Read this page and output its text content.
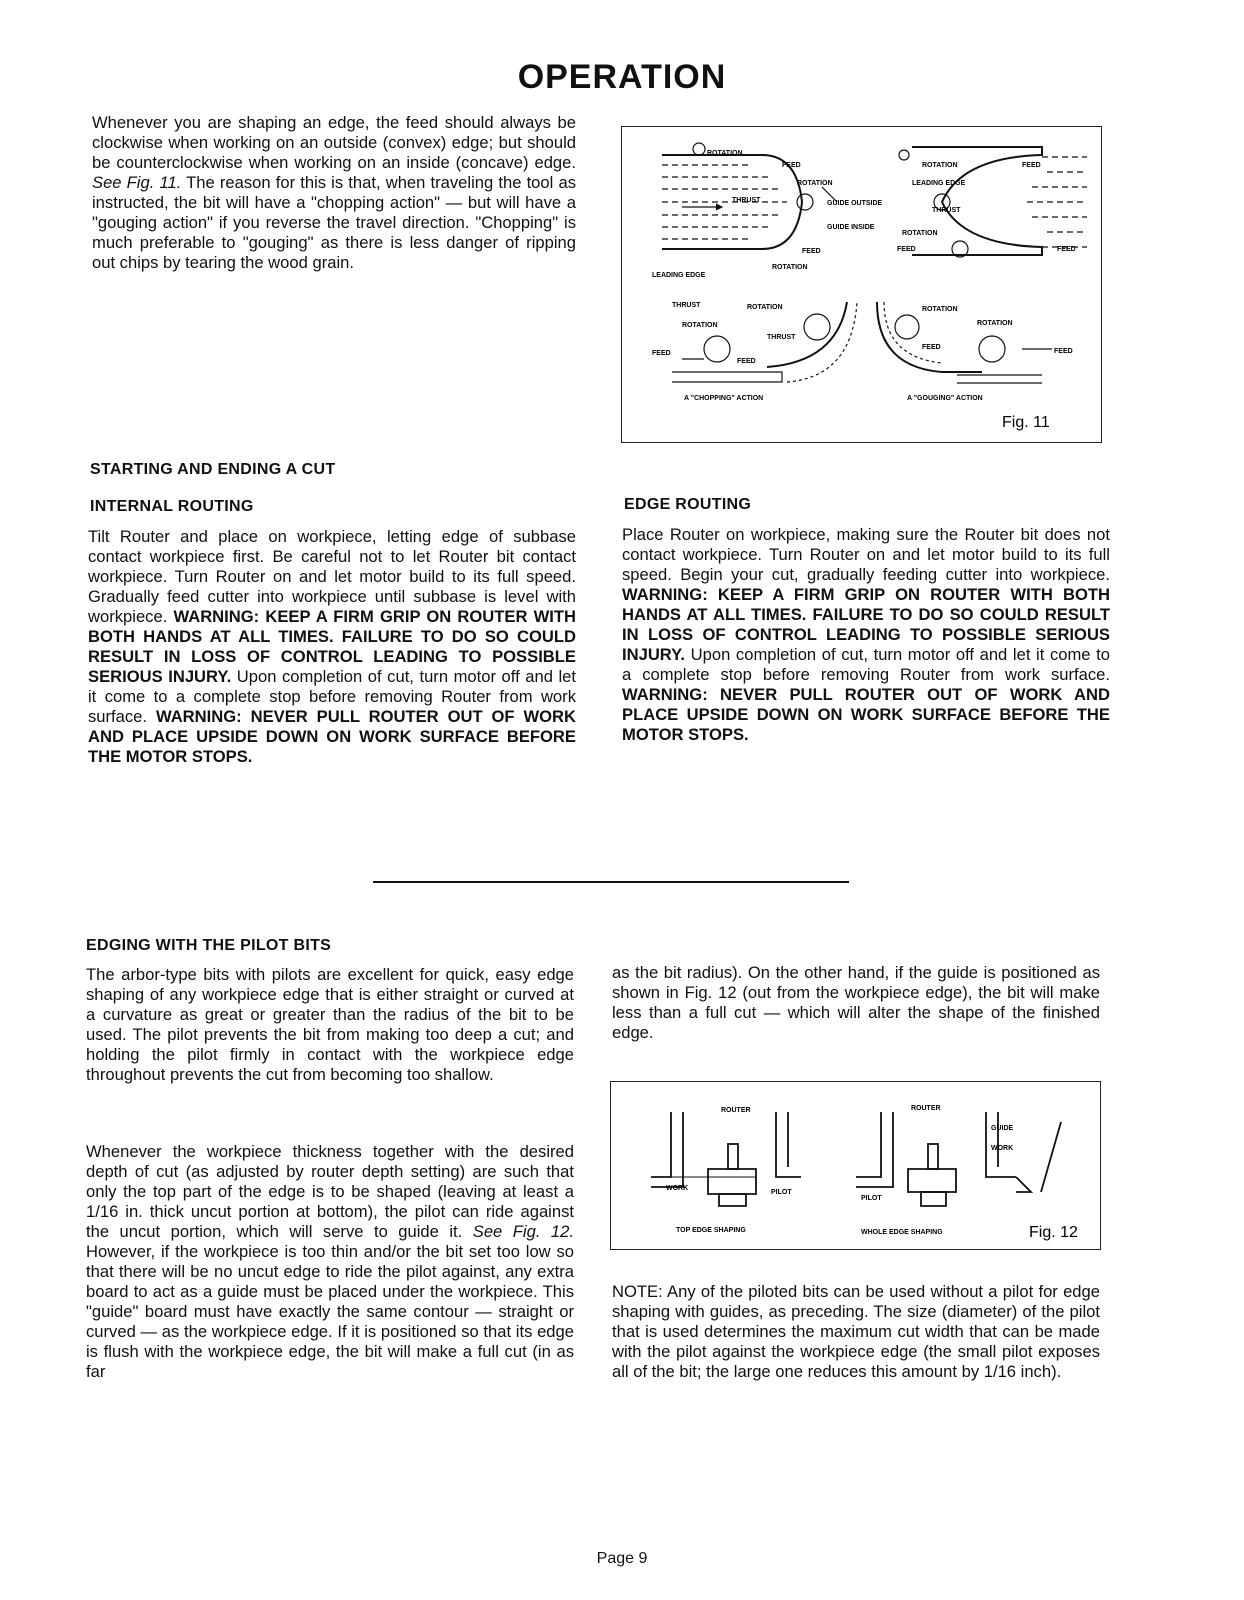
OPERATION

Whenever you are shaping an edge, the feed should always be clockwise when working on an outside (convex) edge; but should be counterclockwise when working on an inside (concave) edge. See Fig. 11. The reason for this is that, when traveling the tool as instructed, the bit will have a "chopping action" — but will have a "gouging action" if you reverse the travel direction. "Chopping" is much preferable to "gouging" as there is less danger of ripping out chips by tearing the wood grain.

ROTATION
FEED
ROTATION
GUIDE OUTSIDE
GUIDE INSIDE
THRUST
FEED
LEADING EDGE
ROTATION
ROTATION	FEED
LEADING EDGE
THRUST
ROTATION
FEED	FEED
THRUST	ROTATION
ROTATION
THRUST
FEED
FEED
ROTATION
ROTATION
FEED
FEED
A "CHOPPING" ACTION	A "GOUGING" ACTION
Fig. 11
STARTING AND ENDING A CUT
INTERNAL ROUTING

Tilt Router and place on workpiece, letting edge of subbase contact workpiece first. Be careful not to let Router bit contact workpiece. Turn Router on and let motor build to its full speed. Gradually feed cutter into workpiece until subbase is level with workpiece. WARNING: KEEP A FIRM GRIP ON ROUTER WITH BOTH HANDS AT ALL TIMES. FAILURE TO DO SO COULD RESULT IN LOSS OF CONTROL LEADING TO POSSIBLE SERIOUS INJURY. Upon completion of cut, turn motor off and let it come to a complete stop before removing Router from work surface. WARNING: NEVER PULL ROUTER OUT OF WORK AND PLACE UPSIDE DOWN ON WORK SURFACE BEFORE THE MOTOR STOPS.

EDGE ROUTING

Place Router on workpiece, making sure the Router bit does not contact workpiece. Turn Router on and let motor build to its full speed. Begin your cut, gradually feeding cutter into workpiece. WARNING: KEEP A FIRM GRIP ON ROUTER WITH BOTH HANDS AT ALL TIMES. FAILURE TO DO SO COULD RESULT IN LOSS OF CONTROL LEADING TO POSSIBLE SERIOUS INJURY. Upon completion of cut, turn motor off and let it come to a complete stop before removing Router from work surface. WARNING: NEVER PULL ROUTER OUT OF WORK AND PLACE UPSIDE DOWN ON WORK SURFACE BEFORE THE MOTOR STOPS.

EDGING WITH THE PILOT BITS

The arbor-type bits with pilots are excellent for quick, easy edge shaping of any workpiece edge that is either straight or curved at a curvature as great or greater than the radius of the bit to be used. The pilot prevents the bit from making too deep a cut; and holding the pilot firmly in contact with the workpiece edge throughout prevents the cut from becoming too shallow.

Whenever the workpiece thickness together with the desired depth of cut (as adjusted by router depth setting) are such that only the top part of the edge is to be shaped (leaving at least a 1/16 in. thick uncut portion at bottom), the pilot can ride against the uncut portion, which will serve to guide it. See Fig. 12. However, if the workpiece is too thin and/or the bit set too low so that there will be no uncut edge to ride the pilot against, any extra board to act as a guide must be placed under the workpiece. This "guide" board must have exactly the same contour — straight or curved — as the workpiece edge. If it is positioned so that its edge is flush with the workpiece edge, the bit will make a full cut (in as far

as the bit radius). On the other hand, if the guide is positioned as shown in Fig. 12 (out from the workpiece edge), the bit will make less than a full cut — which will alter the shape of the finished edge.

ROUTER	ROUTER
WORK
PILOT
PILOT
GUIDE
WORK
TOP EDGE SHAPING	WHOLE EDGE SHAPING	Fig. 12

NOTE: Any of the piloted bits can be used without a pilot for edge shaping with guides, as preceding. The size (diameter) of the pilot that is used determines the maximum cut width that can be made with the pilot against the workpiece edge (the small pilot exposes all of the bit; the large one reduces this amount by 1/16 inch).

Page 9
